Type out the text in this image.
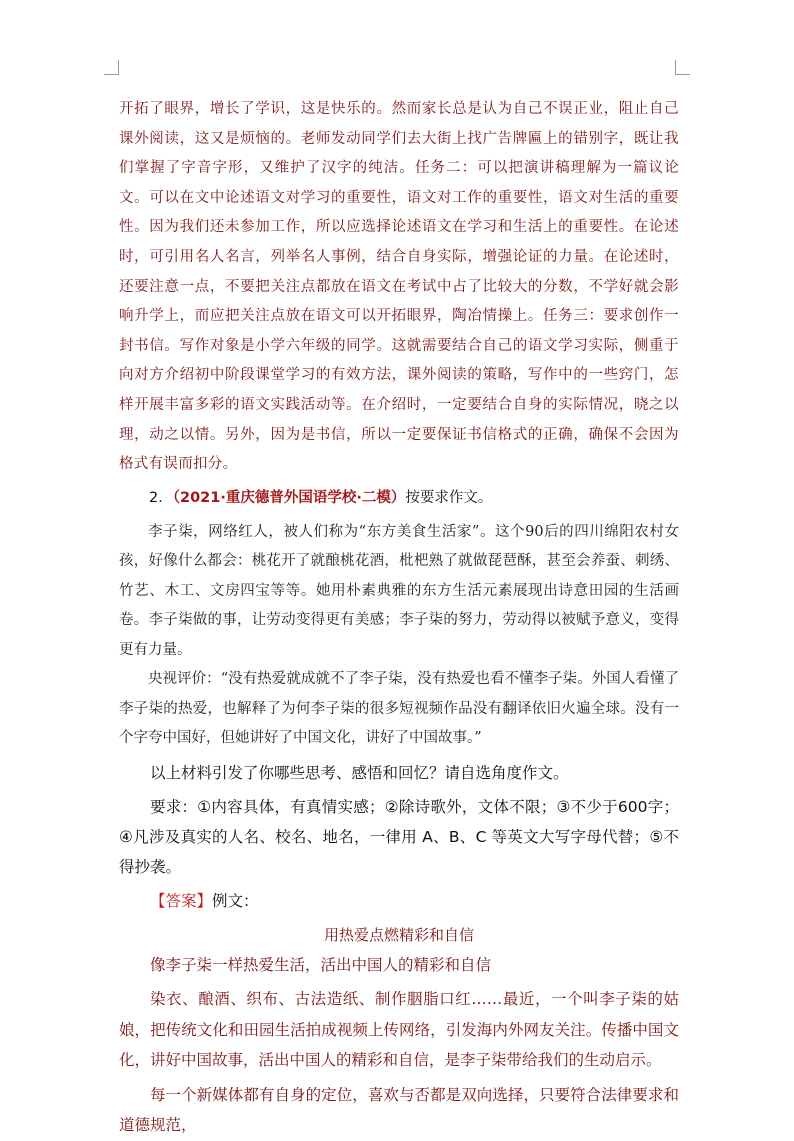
开拓了眼界，增长了学识，这是快乐的。然而家长总是认为自己不误正业，阻止自己课外阅读，这又是烦恼的。老师发动同学们去大街上找广告牌匾上的错别字，既让我们掌握了字音字形，又维护了汉字的纯洁。任务二：可以把演讲稿理解为一篇议论文。可以在文中论述语文对学习的重要性，语文对工作的重要性，语文对生活的重要性。因为我们还未参加工作，所以应选择论述语文在学习和生活上的重要性。在论述时，可引用名人名言，列举名人事例，结合自身实际，增强论证的力量。在论述时，还要注意一点，不要把关注点都放在语文在考试中占了比较大的分数，不学好就会影响升学上，而应把关注点放在语文可以开拓眼界，陶冶情操上。任务三：要求创作一封书信。写作对象是小学六年级的同学。这就需要结合自己的语文学习实际，侧重于向对方介绍初中阶段课堂学习的有效方法，课外阅读的策略，写作中的一些窍门，怎样开展丰富多彩的语文实践活动等。在介绍时，一定要结合自身的实际情况，晓之以理，动之以情。另外，因为是书信，所以一定要保证书信格式的正确，确保不会因为格式有误而扣分。

2．（2021·重庆德普外国语学校·二模）按要求作文。

李子柒，网络红人，被人们称为“东方美食生活家”。这个90后的四川绵阳农村女孩，好像什么都会：桃花开了就酿桃花酒，枇杷熟了就做琵琶酥，甚至会养蚕、刺绣、竹艺、木工、文房四宝等等。她用朴素典雅的东方生活元素展现出诗意田园的生活画卷。李子柒做的事，让劳动变得更有美感；李子柒的努力，劳动得以被赋予意义，变得更有力量。

央视评价：“没有热爱就成就不了李子柒，没有热爱也看不懂李子柒。外国人看懂了李子柒的热爱，也解释了为何李子柒的很多短视频作品没有翻译依旧火遍全球。没有一个字夸中国好，但她讲好了中国文化，讲好了中国故事。”

以上材料引发了你哪些思考、感悟和回忆？请自选角度作文。

要求：①内容具体，有真情实感；②除诗歌外，文体不限；③不少于600字；④凡涉及真实的人名、校名、地名，一律用 A、B、C 等英文大写字母代替；⑤不得抄袭。

【答案】例文：

用热爱点燃精彩和自信

像李子柒一样热爱生活，活出中国人的精彩和自信

染衣、酿酒、织布、古法造纸、制作胭脂口红……最近，一个叫李子柒的姑娘，把传统文化和田园生活拍成视频上传网络，引发海内外网友关注。传播中国文化，讲好中国故事，活出中国人的精彩和自信，是李子柒带给我们的生动启示。

每一个新媒体都有自身的定位，喜欢与否都是双向选择，只要符合法律要求和道德规范，
